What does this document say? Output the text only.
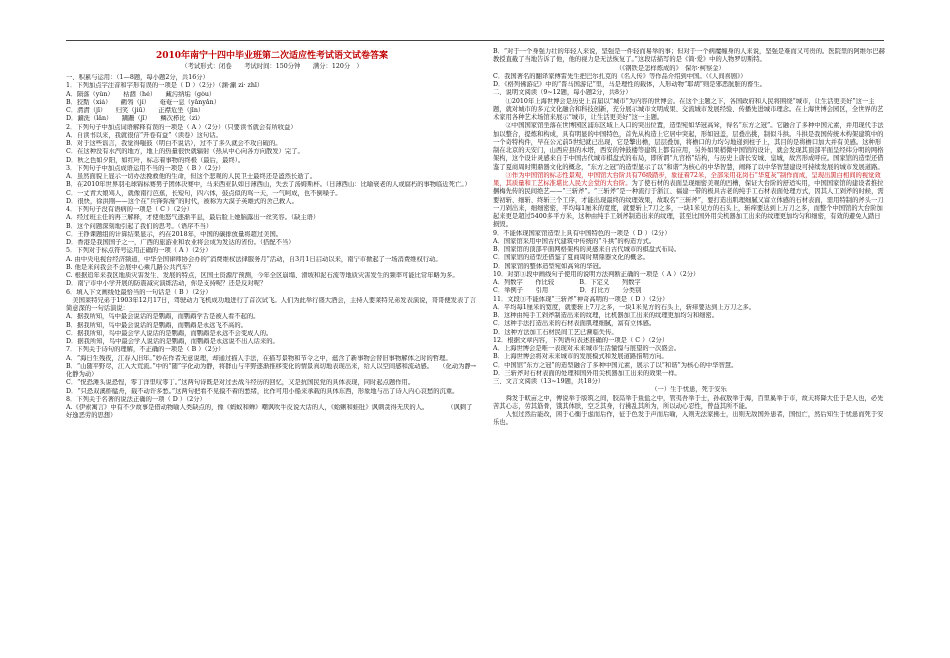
2010年南宁十四中毕业班第二次适应性考试语文试卷答案
（考试形式：闭卷　　考试时间：150分钟　　满分：120分　）
一、积累与运用：（1—8题，每小题2分，共16分）
1．下列加点字注音和字形有误的一项是（ D ）（2分）（渊·涮 zi· zhī）
A．陨落（yǔn）　　枯涸（hé）　　藏污纳垢（gòu）
B．狡黠（xiá）　　鹳鸰（jí）　　奄奄一息（yǎnyǎn）
C．潸潸（jī）　　归笑（jiū）　　正襟危坐（jīn）
D．涮洗（lǎn）　　蹒跚（jī）　　鳞次栉比（zì）
2．下列句子中加点词语解释有误的一项是（ A ）（2分）（只要读书就会有所收益）
A．自读书以来，我就很信“开卷有益”（读卷）这句话。
B．对于这些谣言，我觉得嗤鼓（明白不说话），过不了多久就会不攻自破的。
C．在这种没有水汽的地方，地上的热量很快就辐射（热从中心向各方向散发）完了。
D．秋之色如夕阳，如红叶，标志着事物的终极（最后，最终）。
3．下列句子中加点成语运用不当的一项是（ B ）（2分）
A．虽然面貌上显示一切办法挽救他的生命，但这个悲观的人民卫士最终还是溘然长逝了。
B．在2010年世界羽毛球锦标赛男子团体决赛中，马来西亚队如日薄西山，失去了汤姆斯杯。（日薄西山：比喻衰老的人或腐朽的事物临近死亡。）
C．一丈青大娘骂人，就像南行芭蕉，长短句，四六体，鼓点似的骂一天，一气呵成，也不倒嗓子。
D．很快，徐洪刚——这个在“兵锋弥漫”的时代，被称为大漠子英雄式的舍己救人。
4．下列句子没有语病的一项是（ C ）（2分）
A．经过班主任的再三解释，才使他怒气逐渐平息，最后脸上她脑露出一丝笑容。（缺主语）
B．这个问题深刻地引起了我们的思考。（语序不当）
C．王铮课题组的计算结果显示，约在2018年，中国的碳排放量将超过美国。
D．香港是我国国子之一，广西的旅游业和农业将会成为发达的省份。（搭配不当）
5．下列对于标点符号运用正确的一项（ A ）（2分）
A. 由中央电视台经济频道、中华全国律师协会办的“消费维权法律服务月”活动，自3月1日启动以来，南宁市掀起了一场消费维权行动。
B. 他是来问我会不会展中心乘几路公共汽车？
C. 根据追年来我区地质灾害发生、发展的特点，区国土资源厅预测，今年全区崩塌、滑坡和泥石流等地质灾害发生的频率可能比常年略为多。
D．南宁市中小学开展的防震减灾演练活动，你是支持呢？还是反对呢？
6．填入下文画线处最恰当的一句话是（ B ）（2分）
　美国莱特兄弟于1903年12月17日，驾驶动力飞机成功地进行了首次试飞。人们为此举行盛大酒会，主持人要莱特兄弟发表演说，哥哥便发表了言简意深的一句话演说：______________________
A．据我所知，鸟中最会说话的是鹦鹉，而鹦鹉学舌是被人看不起的。
B．据我所知，鸟中最会说话的是鹦鹉，而鹦鹉是永远飞不高的。
C．据我所知，鸟中最会学人说话的是鹦鹉，而鹦鹉是永远不会变成人的。
D．据我所知，鸟中最会学人说话的是鹦鹉，而鹦鹉是永远说不出人话来的。
7．下列关于诗句的理解，不正确的一项是（ B ）（2分）
A．“海日生残夜，江春入旧年。”妙在作者无意说理，却通过描人手法，在描写景物和节令之中，蕴含了新事物会替旧事物解体之时的哲理。
B．“山随平野尽，江入大荒流。”中的“随”字化动为静，将群山与平野逐渐推移变化的情景真切地表现出来，给人以空间感和流动感。　　（化动为静→化静为动）
C．“怳恐滩头说恐惶，零丁洋里叹零丁。”这两句诗既是对过去战斗经历的回忆，又是抗国民党的具体表现，同时起点题作用。
D．“只恐双溪舴艋舟，载不动许多愁。”这两句把看不见摸不着的愁绪，比作可用小船来承载的具体东西，形象地与出了诗人内心哀愁的沉重。
8．下列关于名著的说法正确的一项（ D ）（2分）
A.《伊索寓言》中有不少故事是借动物喻人类缺点的，像《蚂蚁和蝉》嘲讽吹牛皮说大话的人，《蛤蜊和蛙肚》讽刺贪得无厌的人。　　　　（讽刺了好逸恶劳的思想）
B．“对于一个身强力壮的年轻人来说，坚强是一件轻而易举的事；但对于一个病魔缠身的人来说，坚强是难而又可贵的。医院里的阿维尔巴赫教授直截了当地告诉了他，他的视力是无法恢复了。”这段话描写的是《简·爱》中的人物罗切斯特。
　　　　　　　　　　　　　　　　　　　　（《钢铁是怎样炼成的》　保尔·柯察金）
C．我国著名的翻译家傅雷先生把巴尔扎克的《名人传》等作品介绍到中国。（《人间喜剧》）
D．《格列佛游记》中的“晋马国游记”里，马是理性的载体，人形动物“耶胡”则是邪恶肮脏的畜生。
二、说明文阅读（9~12题，每小题2分，共8分）
　　①2010年上海世博会是历史上首届以“城市”为内容的世博会。在这个主题之下，各国政府和人民将围绕“城市，让生活更美好”这一主题，就对城市的多元文化融合和科技创新，充分展示城市文明成果、交流城市发展经验、传播先进城市理念。在上海世博会园区，全世界的艺术家用各种艺术场馆来展示“城市，让生活更美好”这一主题。
　　②中国国家馆坐落在世博园区浦东区域上入口的突出位置，造型宛如华冠高耸，得名“东方之冠”。它融合了多种中国元素，并用现代手法加以整合，提炼和构成，具有明显的中国特色，首先从构造上它居中突起，形如冠盖，层叠出挑，制似斗拱。斗拱是我国传统木构架建筑中的一个奇特构件，早在公元前5世纪就已出现，它是擎出檐，层层叠加，将檐口的力均匀地递到柱子上，其目的是将檐口加大并有美感。这种形制在北京的天安门，山西应县的木塔，西安的钟鼓楼等建筑上都有应用，另外如果稍微中国馆的设计，就会发现其顶部平面呈经纬分明的网格架构，这个设计灵感来自于中国古代城市棋盘式的布局，即所谓“九宫格”结构，与历史上唐长安城、皇城，故宫形成呼应。国家馆的造型还借鉴了夏商周时期鼎器文化的概念，“东方之冠”的造型显示了以“和谐”为核心的中华智慧，阐释了以中华智慧建设可持续发展的城市发展道路。
　　③作为中国馆的标志性景观，中国馆大台阶共有76级踏步，象征着72米，全部采用花岗石“华夏灰”制作而成，呈现出黑白相间的视觉效果，其质量和工艺标准堪比人民大会堂的大台阶。为了使石材的表面呈现细密美观的凹槽，保证大台阶的舒适实用，中国国家馆的建设者推拉捆梅先传的民间绝艺——“三斩斧”。“三斩斧”是一种流行于浙江、福建一带的极具古老的纯手工石材表面处理方式，因其人工剁斧的时候，需要初斩、细斩、终斩三个工序，才能出现最终的纹理效果，故取名“三斩斧”，要打造出肌理细腻又富立体感的石材表面，需用特制的斧头一刀一刀剁出来，细细密密，平均每1厘米的宽度，就要斩上7刀之多，一块1米见方的石头上，斩痒要达到上万刀之多，而整个中国馆的大台阶加起来更是超过5400多平方米，这种由纯手工剁斧制造出来的纹理，甚至比国外用尖机器加工出来的纹理更加均匀和细密，有效的避免人踏日损毁。
9．不能体现国家馆造型上具有中国特色的一项是（ D ）（2分）
A．国家馆采用中国古代建筑中传统的“斗拱”的构造方式。
B．国家馆的顶部平面网格架构的灵感来自古代城市的棋盘式布局。
C．国家馆的造型还借鉴了夏商周时期鼎器文化的概念。
D．国家馆的整体造型宛如高耸的华冠。
10．对第③段中画线句子使用的说明方法判断正确的一项是（ A ）（2分）
A．列数字　　作比较　　　　B．下定义　　列数字
C．举例子　　引用　　　　　D．打比方　　分类别
11．文段③不能体现“三斩斧”神奇高明的一项是（ D ）（2分）
A．平均每1厘米的宽度，就要斩上7刀之多，一块1米见方的石头上，斩痒要达到上万刀之多。
B．这种由纯手工剁斧制造出来的纹理，比机器加工出来的纹理更加均匀和细密。
C．这种手法打造出来的石材表面肌理细腻，富有立体感。
D．这种方法加工石材民间工艺已濒临失传。
12．根据文章内容，下列语句表述准确的一项是（ C ）（2分）
A．上海世博会是唯一表现对未来城市生活憧憬与展望的一次盛会。
B．上海世博会将对未来城市的发展模式和发展道路指明方向。
C．中国馆“东方之冠”的造型融合了多种中国元素，展示了以“和谐”为核心的中华智慧。
D．三斩斧对石材表面的处理和国外用尖机器加工出来的效果一样。
三、文言文阅读（13~19题，共18分）
（一）生于忧患，死于安乐
　　舜发于畎亩之中，傅说举于版筑之间，胶鬲举于鱼盐之中，管夷吾举于士，孙叔敖举于海，百里奚举于市，故天将降大任于是人也，必先苦其心志，劳其筋骨，饿其体肤，空乏其身，行拂乱其所为，所以动心忍性，曾益其所不能。
　　人恒过然后能改，困于心衡于虑而后作，征于色发于声而后喻，入则无法家拂士，出则无敌国外患者，国恒亡，然后知生于忧患而死于安乐也。
